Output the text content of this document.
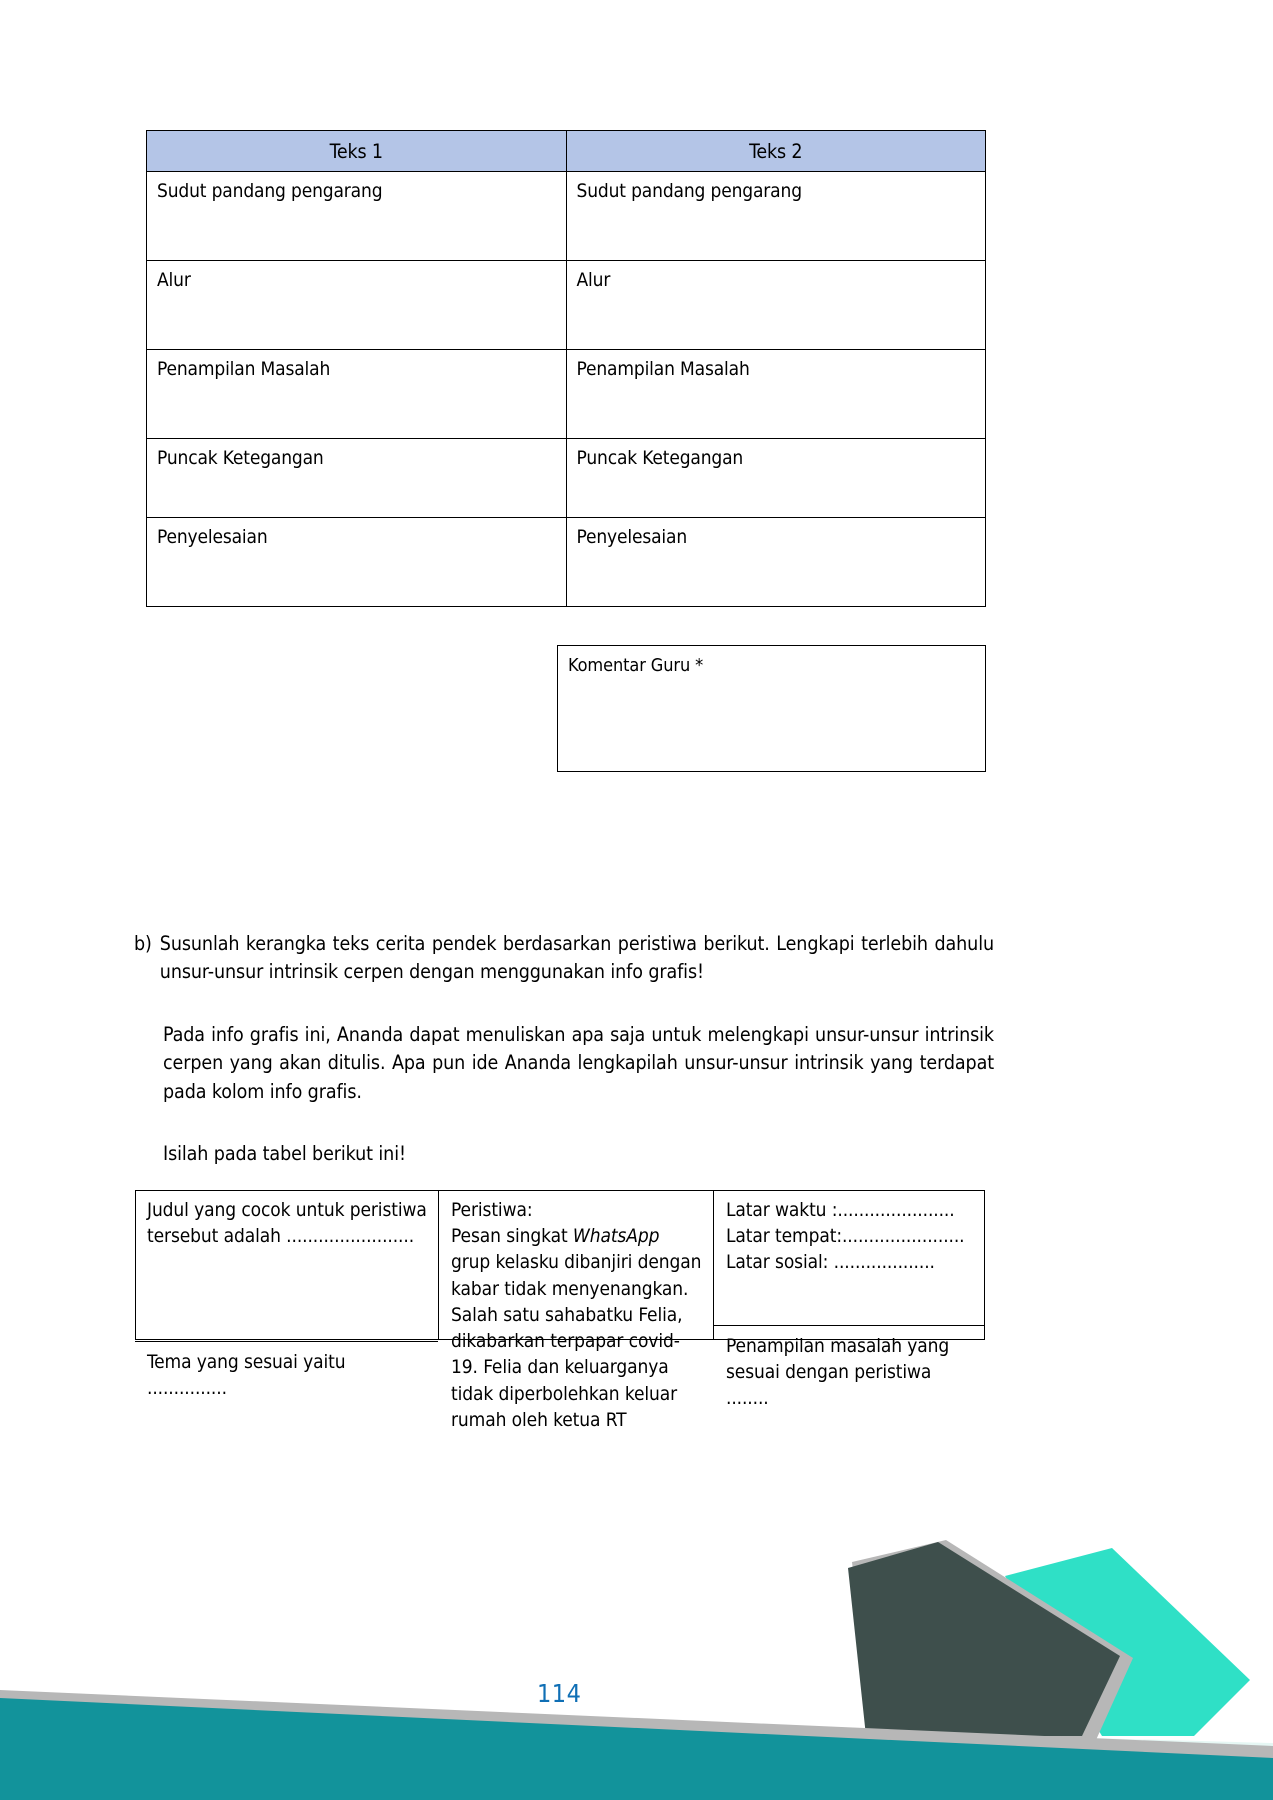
Teks 1	Teks 2
Sudut pandang pengarang	Sudut pandang pengarang
Alur	Alur
Penampilan Masalah	Penampilan Masalah
Puncak Ketegangan	Puncak Ketegangan
Penyelesaian	Penyelesaian
Komentar Guru *
b) Susunlah kerangka teks cerita pendek berdasarkan peristiwa berikut. Lengkapi terlebih dahulu unsur-unsur intrinsik cerpen dengan menggunakan info grafis!
Pada info grafis ini, Ananda dapat menuliskan apa saja untuk melengkapi unsur-unsur intrinsik cerpen yang akan ditulis. Apa pun ide Ananda lengkapilah unsur-unsur intrinsik yang terdapat pada kolom info grafis.
Isilah pada tabel berikut ini!
Judul yang cocok untuk peristiwa tersebut adalah ........................
Tema yang sesuai yaitu ...............
Peristiwa:
Pesan singkat WhatsApp grup kelasku dibanjiri dengan kabar tidak menyenangkan. Salah satu sahabatku Felia, dikabarkan terpapar covid-19. Felia dan keluarganya tidak diperbolehkan keluar rumah oleh ketua RT
Latar waktu :......................
Latar tempat:.......................
Latar sosial: ...................
Penampilan masalah yang sesuai dengan peristiwa ........
114
